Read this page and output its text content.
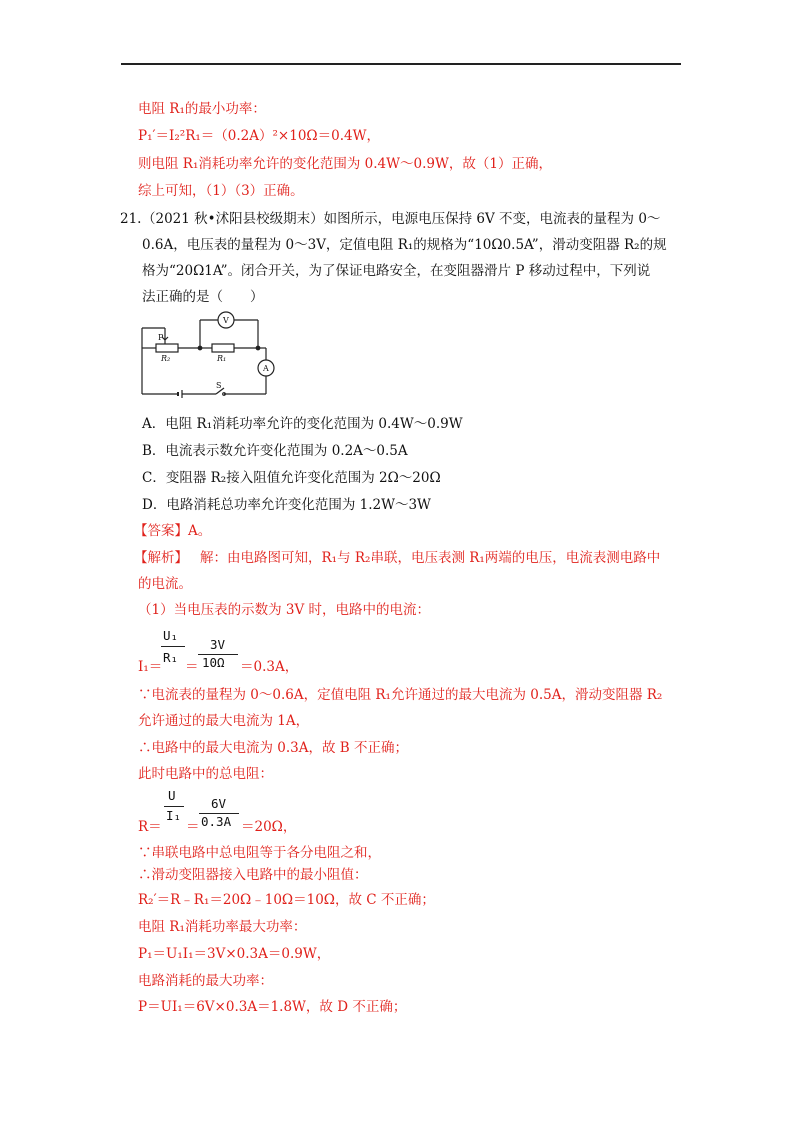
电阻 R₁的最小功率：
P₁′＝I₂²R₁＝（0.2A）²×10Ω＝0.4W，
则电阻 R₁消耗功率允许的变化范围为 0.4W～0.9W，故（1）正确，
综上可知，（1）（3）正确。
21. （2021 秋•沭阳县校级期末）如图所示，电源电压保持 6V 不变，电流表的量程为 0～
0.6A，电压表的量程为 0～3V，定值电阻 R₁的规格为“10Ω0.5A”，滑动变阻器 R₂的规
格为“20Ω1A”。闭合开关，为了保证电路安全，在变阻器滑片 P 移动过程中，下列说
法正确的是（　　）
P
R₂	R₁
V
A
S
A．电阻 R₁消耗功率允许的变化范围为 0.4W～0.9W
B．电流表示数允许变化范围为 0.2A～0.5A
C．变阻器 R₂接入阻值允许变化范围为 2Ω～20Ω
D．电路消耗总功率允许变化范围为 1.2W～3W
【答案】A。
【解析】 解：由电路图可知，R₁与 R₂串联，电压表测 R₁两端的电压，电流表测电路中
的电流。
（1）当电压表的示数为 3V 时，电路中的电流：
I₁＝
U₁
R₁
＝
3V
10Ω ＝0.3A，
∵电流表的量程为 0～0.6A，定值电阻 R₁允许通过的最大电流为 0.5A，滑动变阻器 R₂
允许通过的最大电流为 1A，
∴电路中的最大电流为 0.3A，故 B 不正确；
此时电路中的总电阻：
R＝
U
I₁
＝
6V
0.3A ＝20Ω，
∵串联电路中总电阻等于各分电阻之和，
∴滑动变阻器接入电路中的最小阻值：
R₂′＝R﹣R₁＝20Ω﹣10Ω＝10Ω，故 C 不正确；
电阻 R₁消耗功率最大功率：
P₁＝U₁I₁＝3V×0.3A＝0.9W，
电路消耗的最大功率：
P＝UI₁＝6V×0.3A＝1.8W，故 D 不正确；
